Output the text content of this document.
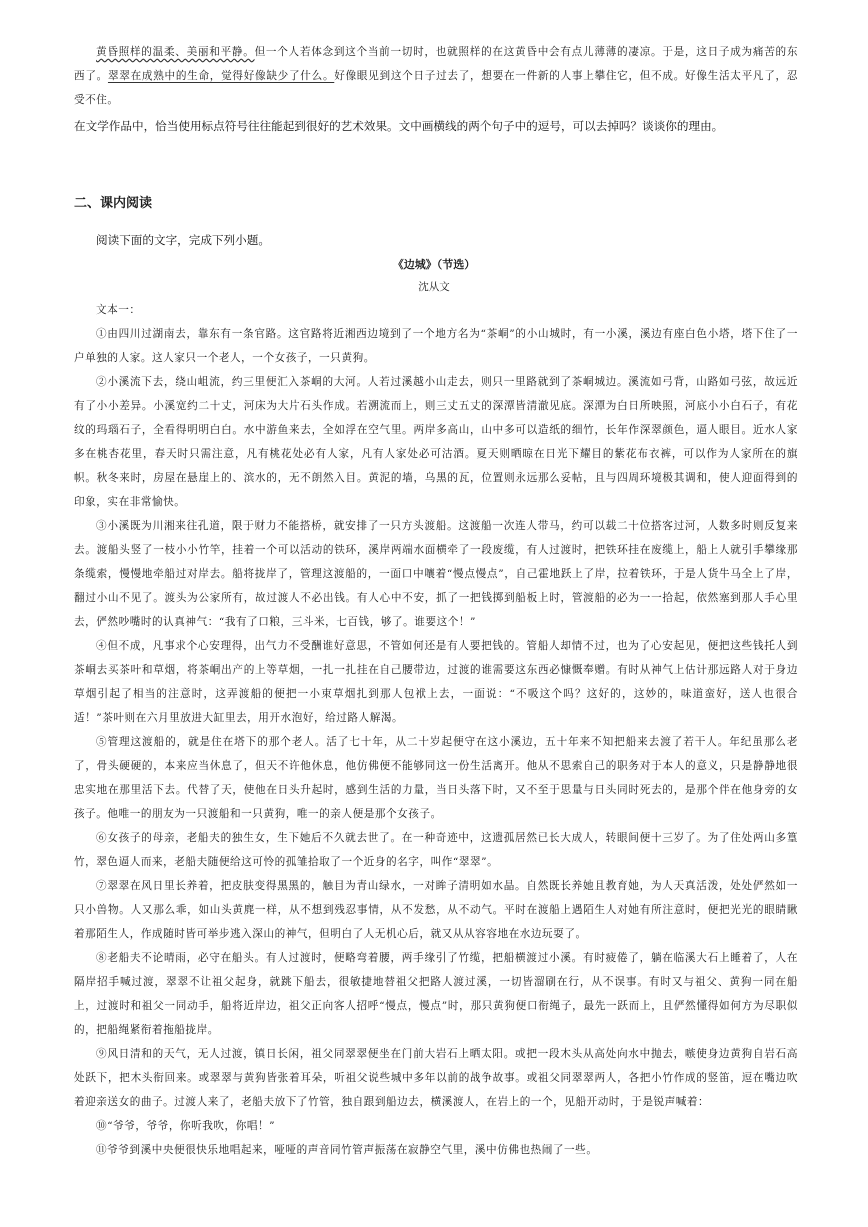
黄昏照样的温柔、美丽和平静。但一个人若体念到这个当前一切时，也就照样的在这黄昏中会有点儿薄薄的凄凉。于是，这日子成为痛苦的东西了。翠翠在成熟中的生命，觉得好像缺少了什么。好像眼见到这个日子过去了，想要在一件新的人事上攀住它，但不成。好像生活太平凡了，忍受不住。

在文学作品中，恰当使用标点符号往往能起到很好的艺术效果。文中画横线的两个句子中的逗号，可以去掉吗？谈谈你的理由。

二、课内阅读

阅读下面的文字，完成下列小题。

《边城》（节选）

沈从文

文本一：

①由四川过湖南去，靠东有一条官路。这官路将近湘西边境到了一个地方名为“茶峒”的小山城时，有一小溪，溪边有座白色小塔，塔下住了一户单独的人家。这人家只一个老人，一个女孩子，一只黄狗。

②小溪流下去，绕山岨流，约三里便汇入茶峒的大河。人若过溪越小山走去，则只一里路就到了茶峒城边。溪流如弓背，山路如弓弦，故远近有了小小差异。小溪宽约二十丈，河床为大片石头作成。若溯流而上，则三丈五丈的深潭皆清澈见底。深潭为白日所映照，河底小小白石子，有花纹的玛瑙石子，全看得明明白白。水中游鱼来去，全如浮在空气里。两岸多高山，山中多可以造纸的细竹，长年作深翠颜色，逼人眼目。近水人家多在桃杏花里，春天时只需注意，凡有桃花处必有人家，凡有人家处必可沽酒。夏天则晒晾在日光下耀目的紫花布衣裤，可以作为人家所在的旗帜。秋冬来时，房屋在悬崖上的、滨水的，无不朗然入目。黄泥的墙，乌黑的瓦，位置则永远那么妥帖，且与四周环境极其调和，使人迎面得到的印象，实在非常愉快。

③小溪既为川湘来往孔道，限于财力不能搭桥，就安排了一只方头渡船。这渡船一次连人带马，约可以载二十位搭客过河，人数多时则反复来去。渡船头竖了一枝小小竹竿，挂着一个可以活动的铁环，溪岸两端水面横牵了一段废缆，有人过渡时，把铁环挂在废缆上，船上人就引手攀缘那条缆索，慢慢地牵船过对岸去。船将拢岸了，管理这渡船的，一面口中嚷着“慢点慢点”，自己霍地跃上了岸，拉着铁环，于是人货牛马全上了岸，翻过小山不见了。渡头为公家所有，故过渡人不必出钱。有人心中不安，抓了一把钱掷到船板上时，管渡船的必为一一拾起，依然塞到那人手心里去，俨然吵嘴时的认真神气：“我有了口粮，三斗米，七百钱，够了。谁要这个！”

④但不成，凡事求个心安理得，出气力不受酬谁好意思，不管如何还是有人要把钱的。管船人却情不过，也为了心安起见，便把这些钱托人到茶峒去买茶叶和草烟，将茶峒出产的上等草烟，一扎一扎挂在自己腰带边，过渡的谁需要这东西必慷慨奉赠。有时从神气上估计那远路人对于身边草烟引起了相当的注意时，这弄渡船的便把一小束草烟扎到那人包袱上去，一面说：“不吸这个吗？这好的，这妙的，味道蛮好，送人也很合适！”茶叶则在六月里放进大缸里去，用开水泡好，给过路人解渴。

⑤管理这渡船的，就是住在塔下的那个老人。活了七十年，从二十岁起便守在这小溪边，五十年来不知把船来去渡了若干人。年纪虽那么老了，骨头硬硬的，本来应当休息了，但天不许他休息，他仿佛便不能够同这一份生活离开。他从不思索自己的职务对于本人的意义，只是静静地很忠实地在那里活下去。代替了天，使他在日头升起时，感到生活的力量，当日头落下时，又不至于思量与日头同时死去的，是那个伴在他身旁的女孩子。他唯一的朋友为一只渡船和一只黄狗，唯一的亲人便是那个女孩子。

⑥女孩子的母亲，老船夫的独生女，生下她后不久就去世了。在一种奇迹中，这遗孤居然已长大成人，转眼间便十三岁了。为了住处两山多篁竹，翠色逼人而来，老船夫随便给这可怜的孤雏拾取了一个近身的名字，叫作“翠翠”。

⑦翠翠在风日里长养着，把皮肤变得黑黑的，触目为青山绿水，一对眸子清明如水晶。自然既长养她且教育她，为人天真活泼，处处俨然如一只小兽物。人又那么乖，如山头黄麂一样，从不想到残忍事情，从不发愁，从不动气。平时在渡船上遇陌生人对她有所注意时，便把光光的眼睛瞅着那陌生人，作成随时皆可举步逃入深山的神气，但明白了人无机心后，就又从从容容地在水边玩耍了。

⑧老船夫不论晴雨，必守在船头。有人过渡时，便略弯着腰，两手缘引了竹缆，把船横渡过小溪。有时疲倦了，躺在临溪大石上睡着了，人在隔岸招手喊过渡，翠翠不让祖父起身，就跳下船去，很敏捷地替祖父把路人渡过溪，一切皆溜刷在行，从不误事。有时又与祖父、黄狗一同在船上，过渡时和祖父一同动手，船将近岸边，祖父正向客人招呼“慢点，慢点”时，那只黄狗便口衔绳子，最先一跃而上，且俨然懂得如何方为尽职似的，把船绳紧衔着拖船拢岸。

⑨风日清和的天气，无人过渡，镇日长闲，祖父同翠翠便坐在门前大岩石上晒太阳。或把一段木头从高处向水中抛去，嗾使身边黄狗自岩石高处跃下，把木头衔回来。或翠翠与黄狗皆张着耳朵，听祖父说些城中多年以前的战争故事。或祖父同翠翠两人，各把小竹作成的竖笛，逗在嘴边吹着迎亲送女的曲子。过渡人来了，老船夫放下了竹管，独自跟到船边去，横溪渡人，在岩上的一个，见船开动时，于是锐声喊着：

⑩“爷爷，爷爷，你听我吹，你唱！”

⑪爷爷到溪中央便很快乐地唱起来，哑哑的声音同竹管声振荡在寂静空气里，溪中仿佛也热闹了一些。
